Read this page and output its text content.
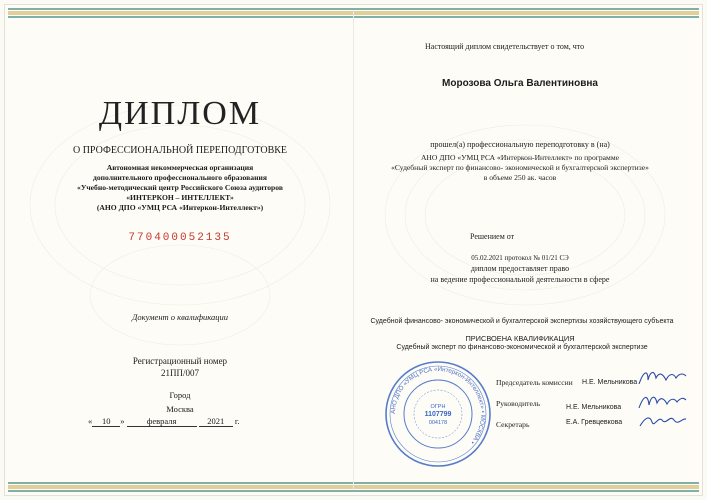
ДИПЛОМ
О ПРОФЕССИОНАЛЬНОЙ ПЕРЕПОДГОТОВКЕ
Автономная некоммерческая организация
дополнительного профессионального образования
«Учебно-методический центр Российского Союза аудиторов
«ИНТЕРКОН – ИНТЕЛЛЕКТ»
(АНО ДПО «УМЦ РСА «Интеркон-Интеллект»)
770400052135
Документ о квалификации
Регистрационный номер
21ПП/007
Город
Москва
« 10 » февраля	2021 г.
Настоящий диплом свидетельствует о том, что
Морозова Ольга Валентиновна
прошел(а) профессиональную переподготовку в (на)
АНО ДПО «УМЦ РСА «Интеркон-Интеллект» по программе
«Судебный эксперт по финансово- экономической и бухгалтерской экспертизе»
в объеме 250 ак. часов
Решением от
05.02.2021 протокол № 01/21 СЭ
диплом предоставляет право
на ведение профессиональной деятельности в сфере
Судебной финансово- экономической и бухгалтерской экспертизы хозяйствующего субъекта
ПРИСВОЕНА КВАЛИФИКАЦИЯ
Судебный эксперт по финансово-экономической и бухгалтерской экспертизе
АНО ДПО «УМЦ РСА «Интеркон-Интеллект» • МОСКВА •
ОГРН
1107799
004178
Председатель комиссии Н.Е. Мельникова
Руководитель	Н.Е. Мельникова
Секретарь	Е.А. Гревцевкова
